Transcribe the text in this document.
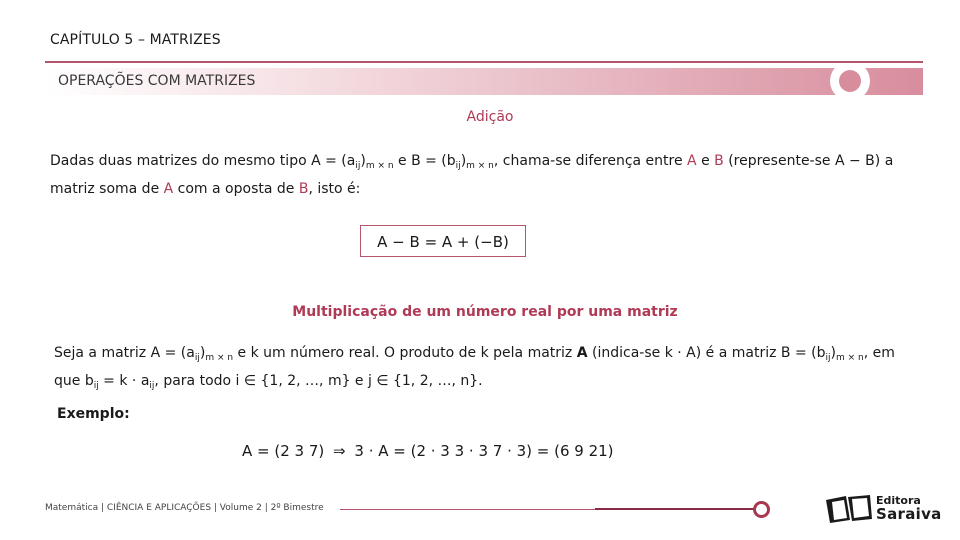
CAPÍTULO 5 – MATRIZES
OPERAÇÕES COM MATRIZES
Adição
Dadas duas matrizes do mesmo tipo $A = (a_{ij})_{m \times n}$ e $B = (b_{ij})_{m \times n}$, chama-se diferença entre A e B (represente-se A − B) a
matriz soma de A com a oposta de B, isto é:
A − B = A + (−B)
Multiplicação de um número real por uma matriz
Seja a matriz $A = (a_{ij})_{m \times n}$ e k um número real. O produto de k pela matriz A (indica-se k · A) é a matriz $B = (b_{ij})_{m \times n}$, em
que $b_{ij} = k \cdot a_{ij}$, para todo i ∈ {1, 2, …, m} e j ∈ {1, 2, …, n}.
Exemplo:
A = (2 3 7) ⇒ 3 · A = (2 · 3 3 · 3 7 · 3) = (6 9 21)
Matemática | CIÊNCIA E APLICAÇÕES | Volume 2 | 2º Bimestre
Editora
Saraiva
